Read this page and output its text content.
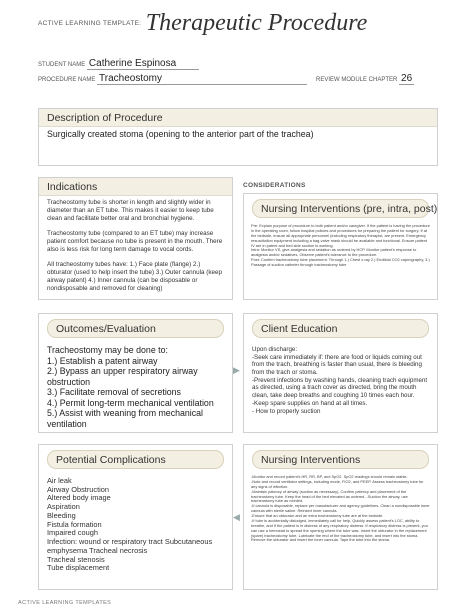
ACTIVE LEARNING TEMPLATE: Therapeutic Procedure
STUDENT NAME Catherine Espinosa
PROCEDURE NAME Tracheostomy	REVIEW MODULE CHAPTER 26
Description of Procedure
Surgically created stoma (opening to the anterior part of the trachea)
Indications
Tracheostomy tube is shorter in length and slightly wider in diameter than an ET tube. This makes it easier to keep tube clean and facilitate better oral and bronchial hygiene.

Tracheostomy tube (compared to an ET tube) may increase patient comfort because no tube is present in the mouth. There also is less risk for long term damage to vocal cords.

All tracheostomy tubes have: 1.) Face plate (flange) 2.) obturator (used to help insert the tube) 3.) Outer cannula (keep airway patent) 4.) Inner cannula (can be disposable or nondisposable and removed for cleaning)
CONSIDERATIONS
Nursing Interventions (pre, intra, post)
Pre: Explain purpose of procedure to both patient and/or caregiver. If the patient is having the procedure in the operating room, follow hospital policies and procedures for preparing the patient for surgery. If at the bedside, ensure all appropriate personnel (including respiratory therapist, are present. Emergency resuscitation equipment including a bag-valve mask should be available and functional. Ensure patient IV are in patent and bed side suction is working.
Intra: Monitor VS, give analgesia and sedation as ordered by HCP. Monitor patient's response to analgesia and/or sedatives. Observe patient's tolerance to the procedure.
Post: Confirm tracheostomy tube placement. Through 1.) Chest x-ray 2.) Endtidal CO2 capnography, 3.) Passage of suction catheter through tracheostomy tube
Outcomes/Evaluation
Tracheostomy may be done to:
1.) Establish a patent airway
2.) Bypass an upper respiratory airway obstruction
3.) Facilitate removal of secretions
4.) Permit long-term mechanical ventilation
5.) Assist with weaning from mechanical ventilation
Client Education
Upon discharge:
-Seek care immediately if: there are food or liquids coming out from the trach, breathing is faster than usual, there is bleeding from the trach or stoma.
-Prevent infections by washing hands, cleaning trach equipment as directed, using a trach cover as directed, bring the mouth clean, take deep breaths and coughing 10 times each hour.
-Keep spare supplies on hand at all times.
- How to properly suction
▶
Potential Complications
Air leak
Airway Obstruction
Altered body image
Aspiration
Bleeding
Fistula formation
Impaired cough
Infection: wound or respiratory tract Subcutaneous emphysema Tracheal necrosis
Tracheal stenosis
Tube displacement
Nursing Interventions
-Monitor and record patient's HR, RR, BP, and SpO2. SpO2 readings should remain stable.
-Note and record ventilator settings, including mode, FIO2, and PEEP. Assess tracheostomy tube for any signs of infection.
-Maintain patency of airway (suction as necessary). Confirm patency and placement of the tracheostomy tube. Keep the head of the bed elevated as ordered. -Suction the airway, use tracheostomy tube as needed.
-If cannula is disposable, replace per manufacturer and agency guidelines. Clean a nondisposable inner cannula with sterile saline. Reinsert inner cannula.
-Ensure that an obturator and an extra tracheostomy tube are at the bedside.
-If tube is accidentally dislodged, immediately call for help. Quickly assess patient's LOC, ability to breathe, and if the patient is in distress of any respiratory distress. If respiratory distress is present, you can use a hemostat to spread the opening where the tube was. Insert the obturator in the replacement (spare) tracheostomy tube. Lubricate the end of the tracheostomy tube, and insert into the stoma. Remove the obturator and insert the inner cannula. Tape the tube into the stoma.
◀
ACTIVE LEARNING TEMPLATES
